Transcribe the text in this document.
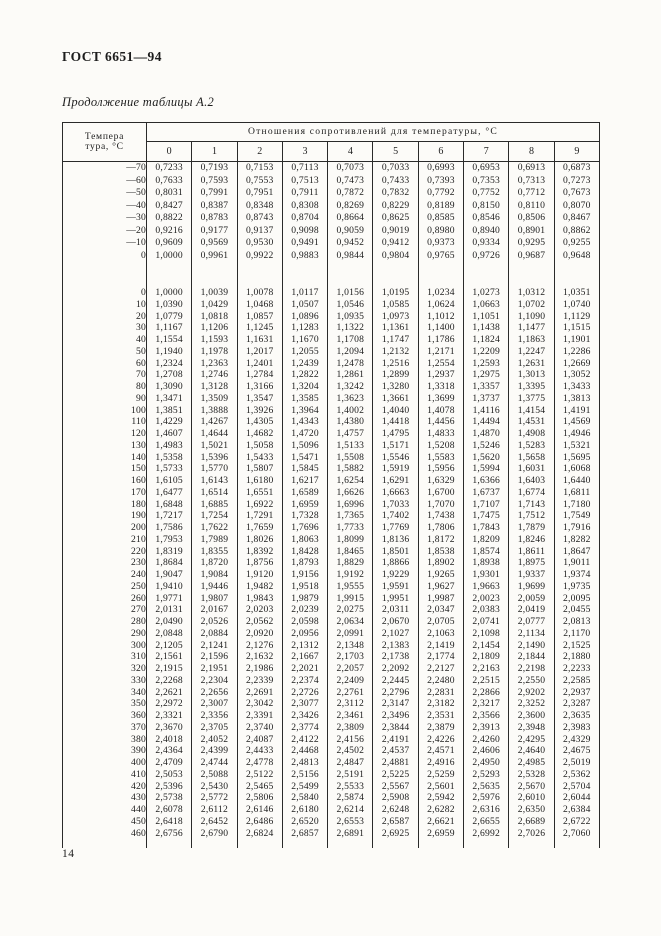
ГОСТ 6651—94
Продолжение таблицы А.2
Темпера
тура, °С	Отношения сопротивлений для температуры, °С									
	0	1	2	3	4	5	6	7	8	9
—70	0,7233	0,7193	0,7153	0,7113	0,7073	0,7033	0,6993	0,6953	0,6913	0,6873
—60	0,7633	0,7593	0,7553	0,7513	0,7473	0,7433	0,7393	0,7353	0,7313	0,7273
—50	0,8031	0,7991	0,7951	0,7911	0,7872	0,7832	0,7792	0,7752	0,7712	0,7673
—40	0,8427	0,8387	0,8348	0,8308	0,8269	0,8229	0,8189	0,8150	0,8110	0,8070
—30	0,8822	0,8783	0,8743	0,8704	0,8664	0,8625	0,8585	0,8546	0,8506	0,8467
—20	0,9216	0,9177	0,9137	0,9098	0,9059	0,9019	0,8980	0,8940	0,8901	0,8862
—10	0,9609	0,9569	0,9530	0,9491	0,9452	0,9412	0,9373	0,9334	0,9295	0,9255
0	1,0000	0,9961	0,9922	0,9883	0,9844	0,9804	0,9765	0,9726	0,9687	0,9648

0	1,0000	1,0039	1,0078	1,0117	1,0156	1,0195	1,0234	1,0273	1,0312	1,0351
10	1,0390	1,0429	1,0468	1,0507	1,0546	1,0585	1,0624	1,0663	1,0702	1,0740
20	1,0779	1,0818	1,0857	1,0896	1,0935	1,0973	1,1012	1,1051	1,1090	1,1129
30	1,1167	1,1206	1,1245	1,1283	1,1322	1,1361	1,1400	1,1438	1,1477	1,1515
40	1,1554	1,1593	1,1631	1,1670	1,1708	1,1747	1,1786	1,1824	1,1863	1,1901
50	1,1940	1,1978	1,2017	1,2055	1,2094	1,2132	1,2171	1,2209	1,2247	1,2286
60	1,2324	1,2363	1,2401	1,2439	1,2478	1,2516	1,2554	1,2593	1,2631	1,2669
70	1,2708	1,2746	1,2784	1,2822	1,2861	1,2899	1,2937	1,2975	1,3013	1,3052
80	1,3090	1,3128	1,3166	1,3204	1,3242	1,3280	1,3318	1,3357	1,3395	1,3433
90	1,3471	1,3509	1,3547	1,3585	1,3623	1,3661	1,3699	1,3737	1,3775	1,3813
100	1,3851	1,3888	1,3926	1,3964	1,4002	1,4040	1,4078	1,4116	1,4154	1,4191
110	1,4229	1,4267	1,4305	1,4343	1,4380	1,4418	1,4456	1,4494	1,4531	1,4569
120	1,4607	1,4644	1,4682	1,4720	1,4757	1,4795	1,4833	1,4870	1,4908	1,4946
130	1,4983	1,5021	1,5058	1,5096	1,5133	1,5171	1,5208	1,5246	1,5283	1,5321
140	1,5358	1,5396	1,5433	1,5471	1,5508	1,5546	1,5583	1,5620	1,5658	1,5695
150	1,5733	1,5770	1,5807	1,5845	1,5882	1,5919	1,5956	1,5994	1,6031	1,6068
160	1,6105	1,6143	1,6180	1,6217	1,6254	1,6291	1,6329	1,6366	1,6403	1,6440
170	1,6477	1,6514	1,6551	1,6589	1,6626	1,6663	1,6700	1,6737	1,6774	1,6811
180	1,6848	1,6885	1,6922	1,6959	1,6996	1,7033	1,7070	1,7107	1,7143	1,7180
190	1,7217	1,7254	1,7291	1,7328	1,7365	1,7402	1,7438	1,7475	1,7512	1,7549
200	1,7586	1,7622	1,7659	1,7696	1,7733	1,7769	1,7806	1,7843	1,7879	1,7916
210	1,7953	1,7989	1,8026	1,8063	1,8099	1,8136	1,8172	1,8209	1,8246	1,8282
220	1,8319	1,8355	1,8392	1,8428	1,8465	1,8501	1,8538	1,8574	1,8611	1,8647
230	1,8684	1,8720	1,8756	1,8793	1,8829	1,8866	1,8902	1,8938	1,8975	1,9011
240	1,9047	1,9084	1,9120	1,9156	1,9192	1,9229	1,9265	1,9301	1,9337	1,9374
250	1,9410	1,9446	1,9482	1,9518	1,9555	1,9591	1,9627	1,9663	1,9699	1,9735
260	1,9771	1,9807	1,9843	1,9879	1,9915	1,9951	1,9987	2,0023	2,0059	2,0095
270	2,0131	2,0167	2,0203	2,0239	2,0275	2,0311	2,0347	2,0383	2,0419	2,0455
280	2,0490	2,0526	2,0562	2,0598	2,0634	2,0670	2,0705	2,0741	2,0777	2,0813
290	2,0848	2,0884	2,0920	2,0956	2,0991	2,1027	2,1063	2,1098	2,1134	2,1170
300	2,1205	2,1241	2,1276	2,1312	2,1348	2,1383	2,1419	2,1454	2,1490	2,1525
310	2,1561	2,1596	2,1632	2,1667	2,1703	2,1738	2,1774	2,1809	2,1844	2,1880
320	2,1915	2,1951	2,1986	2,2021	2,2057	2,2092	2,2127	2,2163	2,2198	2,2233
330	2,2268	2,2304	2,2339	2,2374	2,2409	2,2445	2,2480	2,2515	2,2550	2,2585
340	2,2621	2,2656	2,2691	2,2726	2,2761	2,2796	2,2831	2,2866	2,9202	2,2937
350	2,2972	2,3007	2,3042	2,3077	2,3112	2,3147	2,3182	2,3217	2,3252	2,3287
360	2,3321	2,3356	2,3391	2,3426	2,3461	2,3496	2,3531	2,3566	2,3600	2,3635
370	2,3670	2,3705	2,3740	2,3774	2,3809	2,3844	2,3879	2,3913	2,3948	2,3983
380	2,4018	2,4052	2,4087	2,4122	2,4156	2,4191	2,4226	2,4260	2,4295	2,4329
390	2,4364	2,4399	2,4433	2,4468	2,4502	2,4537	2,4571	2,4606	2,4640	2,4675
400	2,4709	2,4744	2,4778	2,4813	2,4847	2,4881	2,4916	2,4950	2,4985	2,5019
410	2,5053	2,5088	2,5122	2,5156	2,5191	2,5225	2,5259	2,5293	2,5328	2,5362
420	2,5396	2,5430	2,5465	2,5499	2,5533	2,5567	2,5601	2,5635	2,5670	2,5704
430	2,5738	2,5772	2,5806	2,5840	2,5874	2,5908	2,5942	2,5976	2,6010	2,6044
440	2,6078	2,6112	2,6146	2,6180	2,6214	2,6248	2,6282	2,6316	2,6350	2,6384
450	2,6418	2,6452	2,6486	2,6520	2,6553	2,6587	2,6621	2,6655	2,6689	2,6722
460	2,6756	2,6790	2,6824	2,6857	2,6891	2,6925	2,6959	2,6992	2,7026	2,7060

14
